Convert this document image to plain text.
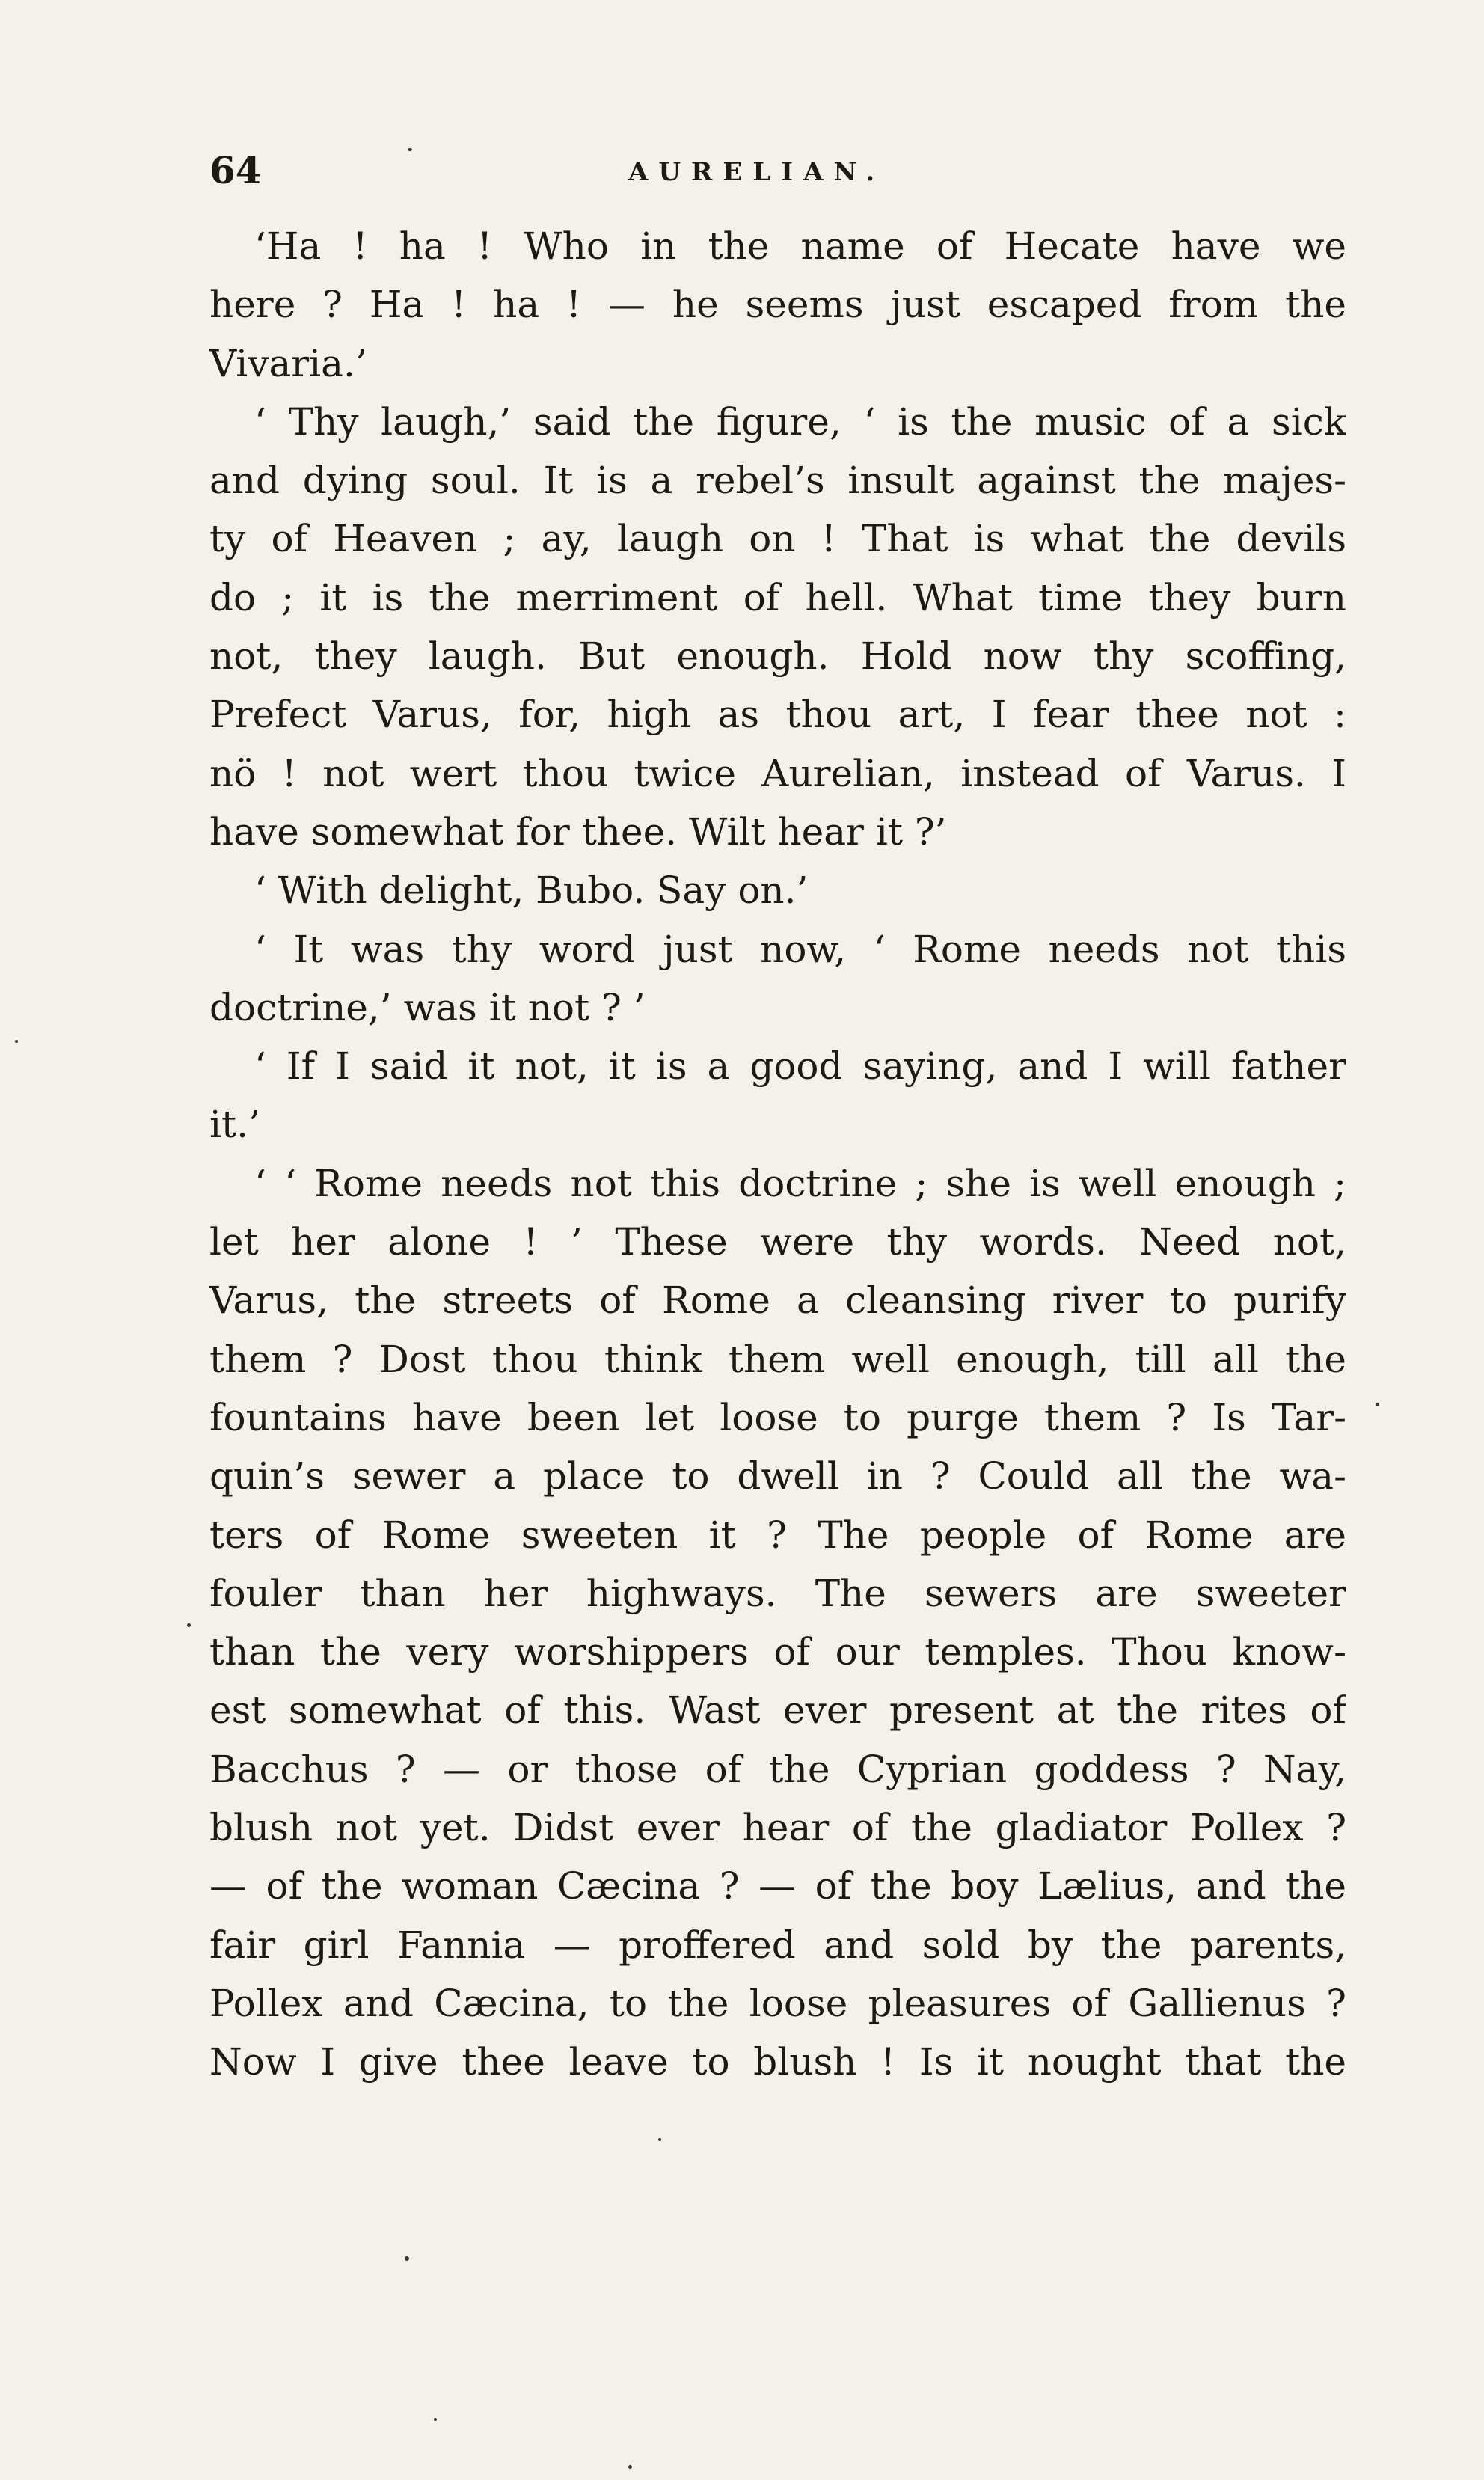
64	AURELIAN.
‘Ha ! ha ! Who in the name of Hecate have we
here ? Ha ! ha ! — he seems just escaped from the
Vivaria.’
‘ Thy laugh,’ said the figure, ‘ is the music of a sick
and dying soul. It is a rebel’s insult against the majes-
ty of Heaven ; ay, laugh on ! That is what the devils
do ; it is the merriment of hell. What time they burn
not, they laugh. But enough. Hold now thy scoffing,
Prefect Varus, for, high as thou art, I fear thee not :
nö ! not wert thou twice Aurelian, instead of Varus. I
have somewhat for thee. Wilt hear it ?’
‘ With delight, Bubo. Say on.’
‘ It was thy word just now, ‘ Rome needs not this
doctrine,’ was it not ? ’
‘ If I said it not, it is a good saying, and I will father
it.’
‘ ‘ Rome needs not this doctrine ; she is well enough ;
let her alone ! ’ These were thy words. Need not,
Varus, the streets of Rome a cleansing river to purify
them ? Dost thou think them well enough, till all the
fountains have been let loose to purge them ? Is Tar-
quin’s sewer a place to dwell in ? Could all the wa-
ters of Rome sweeten it ? The people of Rome are
fouler than her highways. The sewers are sweeter
than the very worshippers of our temples. Thou know-
est somewhat of this. Wast ever present at the rites of
Bacchus ? — or those of the Cyprian goddess ? Nay,
blush not yet. Didst ever hear of the gladiator Pollex ?
— of the woman Cæcina ? — of the boy Lælius, and the
fair girl Fannia — proffered and sold by the parents,
Pollex and Cæcina, to the loose pleasures of Gallienus ?
Now I give thee leave to blush ! Is it nought that the
